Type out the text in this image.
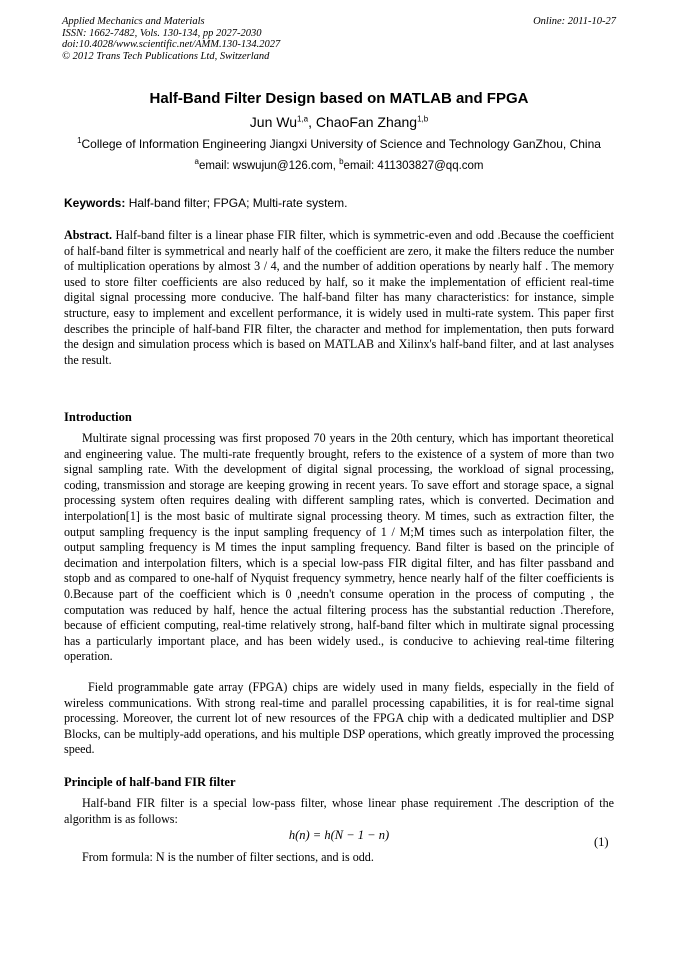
Applied Mechanics and Materials
ISSN: 1662-7482, Vols. 130-134, pp 2027-2030
doi:10.4028/www.scientific.net/AMM.130-134.2027
© 2012 Trans Tech Publications Ltd, Switzerland
Online: 2011-10-27
Half-Band Filter Design based on MATLAB and FPGA
Jun Wu$^{1,a}$, ChaoFan Zhang$^{1,b}$
$^1$College of Information Engineering Jiangxi University of Science and Technology GanZhou, China
$^a$email: wswujun@126.com, $^b$email: 411303827@qq.com
Keywords: Half-band filter; FPGA; Multi-rate system.
Abstract. Half-band filter is a linear phase FIR filter, which is symmetric-even and odd .Because the coefficient of half-band filter is symmetrical and nearly half of the coefficient are zero, it make the filters reduce the number of multiplication operations by almost 3 / 4, and the number of addition operations by nearly half . The memory used to store filter coefficients are also reduced by half, so it make the implementation of efficient real-time digital signal processing more conducive. The half-band filter has many characteristics: for instance, simple structure, easy to implement and excellent performance, it is widely used in multi-rate system. This paper first describes the principle of half-band FIR filter, the character and method for implementation, then puts forward the design and simulation process which is based on MATLAB and Xilinx's half-band filter, and at last analyses the result.
Introduction
Multirate signal processing was first proposed 70 years in the 20th century, which has important theoretical and engineering value. The multi-rate frequently brought, refers to the existence of a system of more than two signal sampling rate. With the development of digital signal processing, the workload of signal processing, coding, transmission and storage are keeping growing in recent years. To save effort and storage space, a signal processing system often requires dealing with different sampling rates, which is converted. Decimation and interpolation[1] is the most basic of multirate signal processing theory. M times, such as extraction filter, the output sampling frequency is the input sampling frequency of 1 / M;M times such as interpolation filter, the output sampling frequency is M times the input sampling frequency. Band filter is based on the principle of decimation and interpolation filters, which is a special low-pass FIR digital filter, and has filter passband and stopb and as compared to one-half of Nyquist frequency symmetry, hence nearly half of the filter coefficients is 0.Because part of the coefficient which is 0 ,needn't consume operation in the process of computing , the computation was reduced by half, hence the actual filtering process has the substantial reduction .Therefore, because of efficient computing, real-time relatively strong, half-band filter which in multirate signal processing has a particularly important place, and has been widely used., is conducive to achieving real-time filtering operation.
Field programmable gate array (FPGA) chips are widely used in many fields, especially in the field of wireless communications. With strong real-time and parallel processing capabilities, it is for real-time signal processing. Moreover, the current lot of new resources of the FPGA chip with a dedicated multiplier and DSP Blocks, can be multiply-add operations, and his multiple DSP operations, which greatly improved the processing speed.
Principle of half-band FIR filter
Half-band FIR filter is a special low-pass filter, whose linear phase requirement .The description of the algorithm is as follows:
h(n) = h(N − 1 − n)	(1)
From formula: N is the number of filter sections, and is odd.
